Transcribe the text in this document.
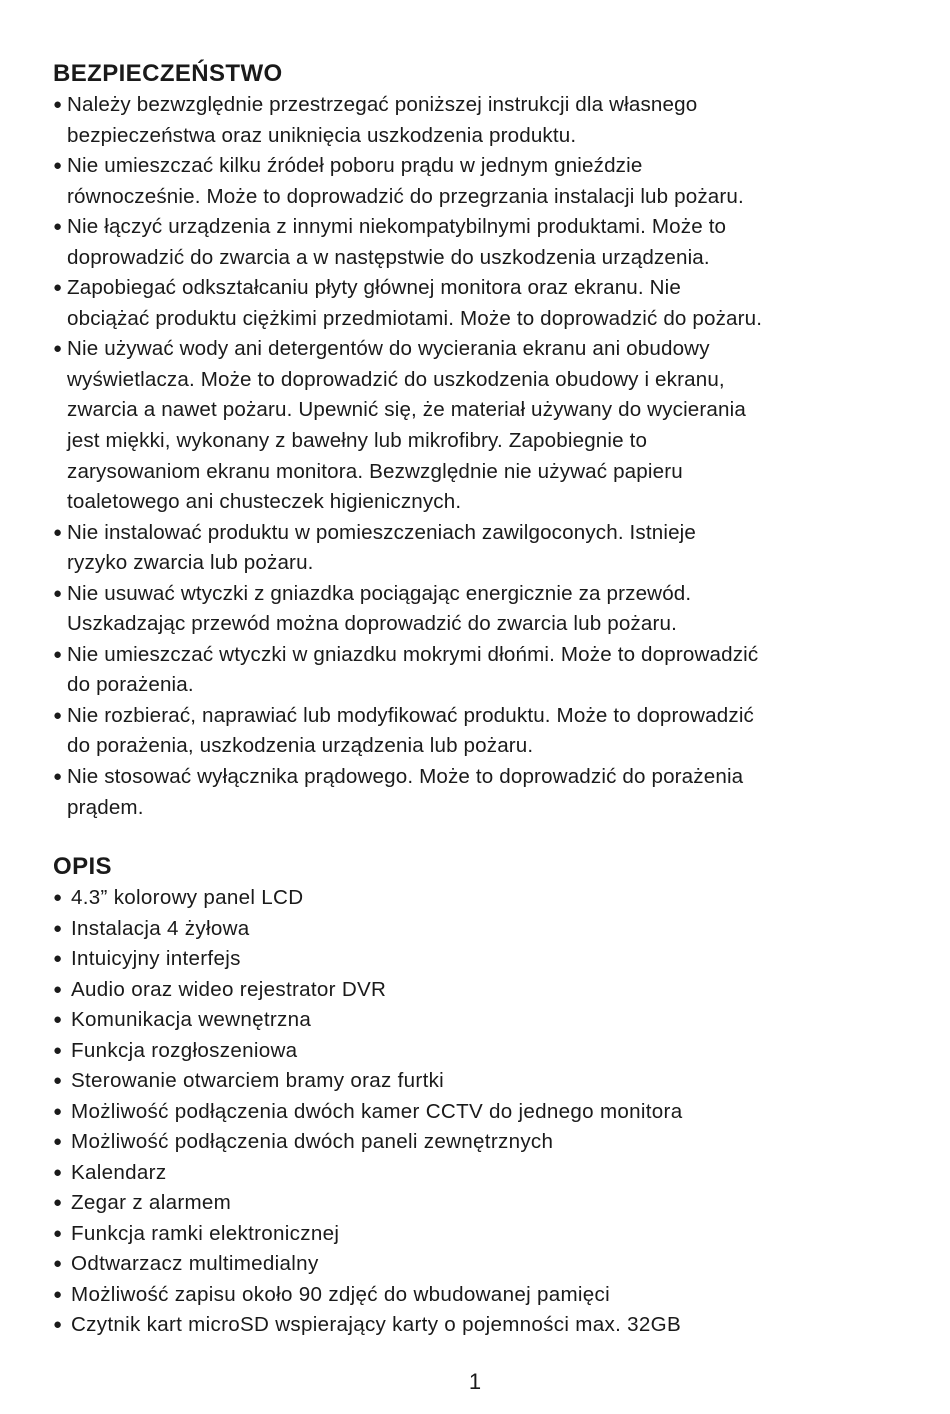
BEZPIECZEŃSTWO
● Należy bezwzględnie przestrzegać poniższej instrukcji dla własnego
bezpieczeństwa oraz uniknięcia uszkodzenia produktu.
● Nie umieszczać kilku źródeł poboru prądu w jednym gnieździe
równocześnie. Może to doprowadzić do przegrzania instalacji lub pożaru.
● Nie łączyć urządzenia z innymi niekompatybilnymi produktami. Może to
doprowadzić do zwarcia a w następstwie do uszkodzenia urządzenia.
● Zapobiegać odkształcaniu płyty głównej monitora oraz ekranu. Nie
obciążać produktu ciężkimi przedmiotami. Może to doprowadzić do pożaru.
● Nie używać wody ani detergentów do wycierania ekranu ani obudowy
wyświetlacza. Może to doprowadzić do uszkodzenia obudowy i ekranu,
zwarcia a nawet pożaru. Upewnić się, że materiał używany do wycierania
jest miękki, wykonany z bawełny lub mikrofibry. Zapobiegnie to
zarysowaniom ekranu monitora. Bezwzględnie nie używać papieru
toaletowego ani chusteczek higienicznych.
● Nie instalować produktu w pomieszczeniach zawilgoconych. Istnieje
ryzyko zwarcia lub pożaru.
● Nie usuwać wtyczki z gniazdka pociągając energicznie za przewód.
Uszkadzając przewód można doprowadzić do zwarcia lub pożaru.
● Nie umieszczać wtyczki w gniazdku mokrymi dłońmi. Może to doprowadzić
do porażenia.
● Nie rozbierać, naprawiać lub modyfikować produktu. Może to doprowadzić
do porażenia, uszkodzenia urządzenia lub pożaru.
● Nie stosować wyłącznika prądowego. Może to doprowadzić do porażenia
prądem.
OPIS
● 4.3” kolorowy panel LCD
● Instalacja 4 żyłowa
● Intuicyjny interfejs
● Audio oraz wideo rejestrator DVR
● Komunikacja wewnętrzna
● Funkcja rozgłoszeniowa
● Sterowanie otwarciem bramy oraz furtki
● Możliwość podłączenia dwóch kamer CCTV do jednego monitora
● Możliwość podłączenia dwóch paneli zewnętrznych
● Kalendarz
● Zegar z alarmem
● Funkcja ramki elektronicznej
● Odtwarzacz multimedialny
● Możliwość zapisu około 90 zdjęć do wbudowanej pamięci
● Czytnik kart microSD wspierający karty o pojemności max. 32GB
1
